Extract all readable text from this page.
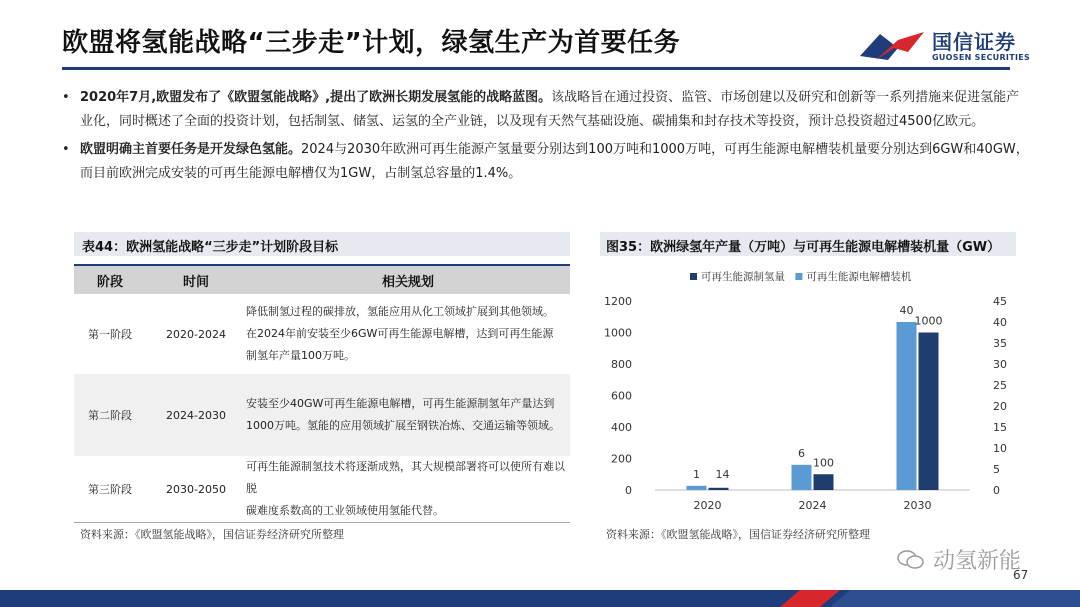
欧盟将氢能战略“三步走”计划，绿氢生产为首要任务	国信证券
GUOSEN SECURITIES
• 2020年7月,欧盟发布了《欧盟氢能战略》,提出了欧洲长期发展氢能的战略蓝图。该战略旨在通过投资、监管、市场创建以及研究和创新等一系列措施来促进氢能产业化，同时概述了全面的投资计划，包括制氢、储氢、运氢的全产业链，以及现有天然气基础设施、碳捕集和封存技术等投资，预计总投资超过4500亿欧元。
• 欧盟明确主首要任务是开发绿色氢能。2024与2030年欧洲可再生能源产氢量要分别达到100万吨和1000万吨，可再生能源电解槽装机量要分别达到6GW和40GW，而目前欧洲完成安装的可再生能源电解槽仅为1GW，占制氢总容量的1.4%。
表44：欧洲氢能战略“三步走”计划阶段目标
阶段	时间	相关规划
第一阶段	2020-2024	降低制氢过程的碳排放，氢能应用从化工领域扩展到其他领域。
在2024年前安装至少6GW可再生能源电解槽，达到可再生能源
制氢年产量100万吨。

第二阶段	2024-2030	安装至少40GW可再生能源电解槽，可再生能源制氢年产量达到
1000万吨。氢能的应用领域扩展至钢铁冶炼、交通运输等领域。

第三阶段	2030-2050	可再生能源制氢技术将逐渐成熟，其大规模部署将可以使所有难以脱
碳难度系数高的工业领域使用氢能代替。
资料来源：《欧盟氢能战略》，国信证券经济研究所整理
图35：欧洲绿氢年产量（万吨）与可再生能源电解槽装机量（GW）
0
200
400
600
800
1000
1200
0
5
10
15
20
25
30
35
40
45
可再生能源制氢量 可再生能源电解槽装机
1 14
2020
6
100
2024
40
1000
2030
资料来源：《欧盟氢能战略》，国信证券经济研究所整理
动氢新能
67
